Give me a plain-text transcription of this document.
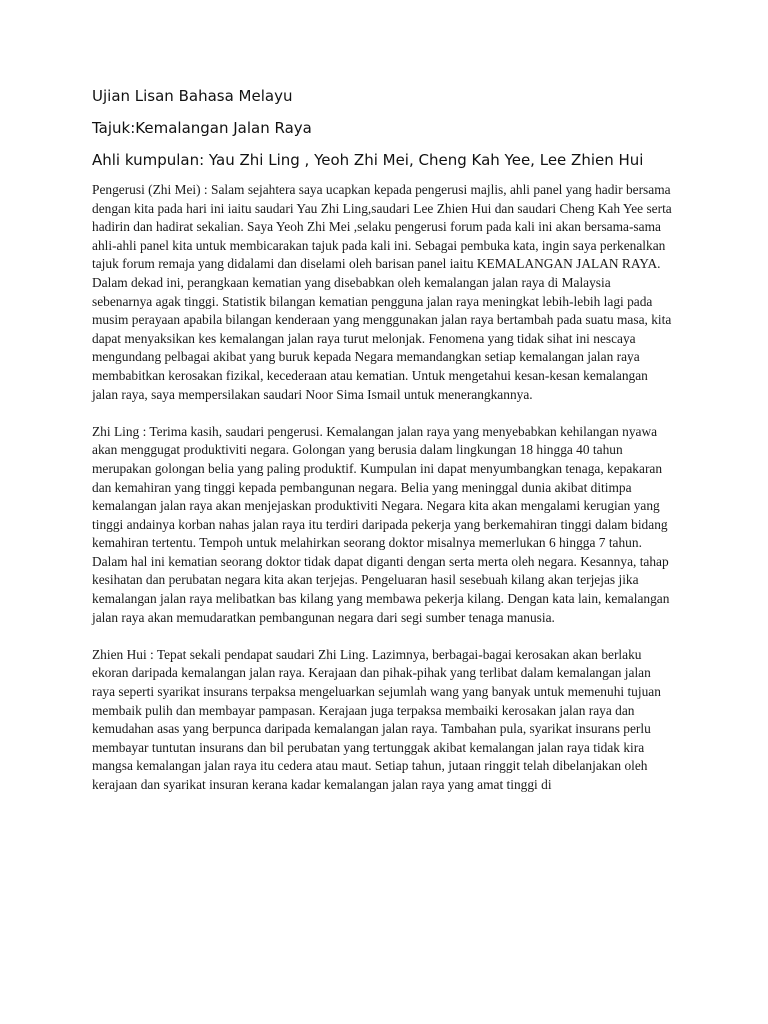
Ujian Lisan Bahasa Melayu
Tajuk:Kemalangan Jalan Raya
Ahli kumpulan: Yau Zhi Ling , Yeoh Zhi Mei, Cheng Kah Yee, Lee Zhien Hui

Pengerusi (Zhi Mei) : Salam sejahtera saya ucapkan kepada pengerusi majlis, ahli panel yang hadir bersama dengan kita pada hari ini iaitu saudari Yau Zhi Ling,saudari Lee Zhien Hui dan saudari Cheng Kah Yee serta hadirin dan hadirat sekalian. Saya Yeoh Zhi Mei ,selaku pengerusi forum pada kali ini akan bersama-sama ahli-ahli panel kita untuk membicarakan tajuk pada kali ini. Sebagai pembuka kata, ingin saya perkenalkan tajuk forum remaja yang didalami dan diselami oleh barisan panel iaitu KEMALANGAN JALAN RAYA. Dalam dekad ini, perangkaan kematian yang disebabkan oleh kemalangan jalan raya di Malaysia sebenarnya agak tinggi. Statistik bilangan kematian pengguna jalan raya meningkat lebih-lebih lagi pada musim perayaan apabila bilangan kenderaan yang menggunakan jalan raya bertambah pada suatu masa, kita dapat menyaksikan kes kemalangan jalan raya turut melonjak. Fenomena yang tidak sihat ini nescaya mengundang pelbagai akibat yang buruk kepada Negara memandangkan setiap kemalangan jalan raya membabitkan kerosakan fizikal, kecederaan atau kematian. Untuk mengetahui kesan-kesan kemalangan jalan raya, saya mempersilakan saudari Noor Sima Ismail untuk menerangkannya.

Zhi Ling : Terima kasih, saudari pengerusi. Kemalangan jalan raya yang menyebabkan kehilangan nyawa akan menggugat produktiviti negara. Golongan yang berusia dalam lingkungan 18 hingga 40 tahun merupakan golongan belia yang paling produktif. Kumpulan ini dapat menyumbangkan tenaga, kepakaran dan kemahiran yang tinggi kepada pembangunan negara. Belia yang meninggal dunia akibat ditimpa kemalangan jalan raya akan menjejaskan produktiviti Negara. Negara kita akan mengalami kerugian yang tinggi andainya korban nahas jalan raya itu terdiri daripada pekerja yang berkemahiran tinggi dalam bidang kemahiran tertentu. Tempoh untuk melahirkan seorang doktor misalnya memerlukan 6 hingga 7 tahun. Dalam hal ini kematian seorang doktor tidak dapat diganti dengan serta merta oleh negara. Kesannya, tahap kesihatan dan perubatan negara kita akan terjejas. Pengeluaran hasil sesebuah kilang akan terjejas jika kemalangan jalan raya melibatkan bas kilang yang membawa pekerja kilang. Dengan kata lain, kemalangan jalan raya akan memudaratkan pembangunan negara dari segi sumber tenaga manusia.

Zhien Hui : Tepat sekali pendapat saudari Zhi Ling. Lazimnya, berbagai-bagai kerosakan akan berlaku ekoran daripada kemalangan jalan raya. Kerajaan dan pihak-pihak yang terlibat dalam kemalangan jalan raya seperti syarikat insurans terpaksa mengeluarkan sejumlah wang yang banyak untuk memenuhi tujuan membaik pulih dan membayar pampasan. Kerajaan juga terpaksa membaiki kerosakan jalan raya dan kemudahan asas yang berpunca daripada kemalangan jalan raya. Tambahan pula, syarikat insurans perlu membayar tuntutan insurans dan bil perubatan yang tertunggak akibat kemalangan jalan raya tidak kira mangsa kemalangan jalan raya itu cedera atau maut. Setiap tahun, jutaan ringgit telah dibelanjakan oleh kerajaan dan syarikat insuran kerana kadar kemalangan jalan raya yang amat tinggi di
